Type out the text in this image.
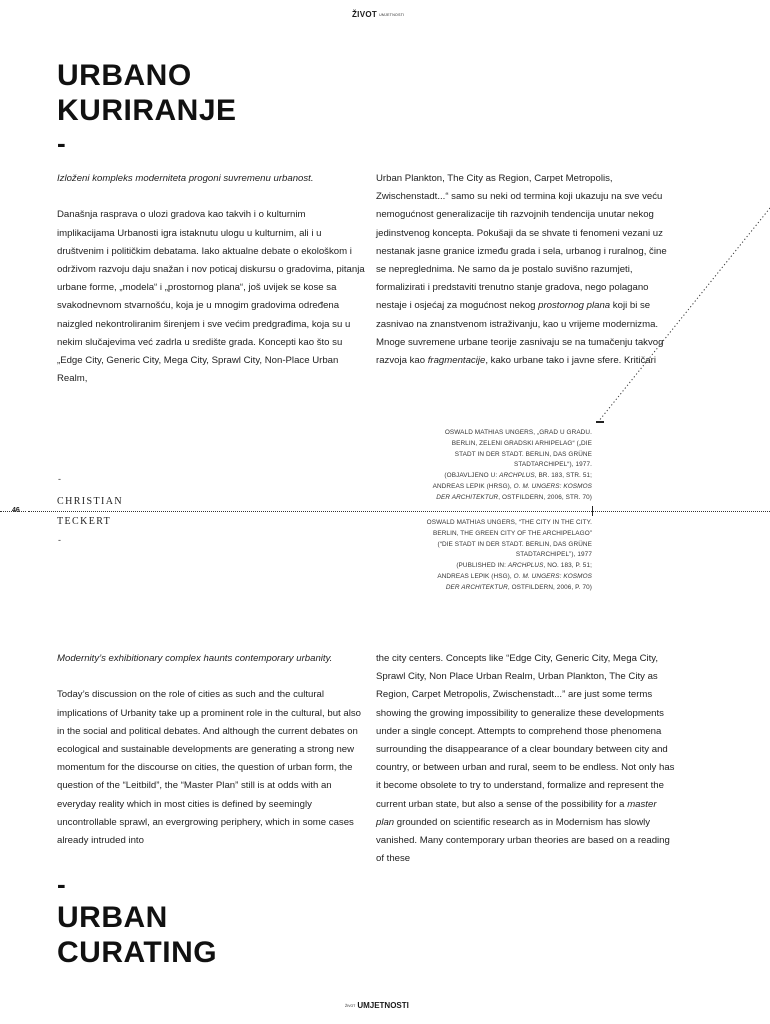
ŽIVOT UMJETNOSTI
URBANO
KURIRANJE
-

Izloženi kompleks moderniteta progoni suvremenu urbanost.

Današnja rasprava o ulozi gradova kao takvih i o kulturnim implikacijama Urbanosti igra istaknutu ulogu u kulturnim, ali i u društvenim i političkim debatama. Iako aktualne debate o ekološkom i održivom razvoju daju snažan i nov poticaj diskursu o gradovima, pitanja urbane forme, „modela“ i „prostornog plana“, još uvijek se kose sa svakodnevnom stvarnošću, koja je u mnogim gradovima određena naizgled nekontroliranim širenjem i sve većim predgrađima, koja su u nekim slučajevima već zadrla u središte grada. Koncepti kao što su „Edge City, Generic City, Mega City, Sprawl City, Non-Place Urban Realm,

Urban Plankton, The City as Region, Carpet Metropolis, Zwischenstadt...“ samo su neki od termina koji ukazuju na sve veću nemogućnost generalizacije tih razvojnih tendencija unutar nekog jedinstvenog koncepta. Pokušaji da se shvate ti fenomeni vezani uz nestanak jasne granice između grada i sela, urbanog i ruralnog, čine se nepreglednima. Ne samo da je postalo suvišno razumjeti, formalizirati i predstaviti trenutno stanje gradova, nego polagano nestaje i osjećaj za mogućnost nekog prostornog plana koji bi se zasnivao na znanstvenom istraživanju, kao u vrijeme modernizma. Mnoge suvremene urbane teorije zasnivaju se na tumačenju takvog razvoja kao fragmentacije, kako urbane tako i javne sfere. Kritičari

OSWALD MATHIAS UNGERS, „GRAD U GRADU.
BERLIN, ZELENI GRADSKI ARHIPELAG“ („DIE
STADT IN DER STADT. BERLIN, DAS GRÜNE
STADTARCHIPEL“), 1977.
(OBJAVLJENO U: ARCHPLUS, BR. 183, STR. 51;
ANDREAS LEPIK (HRSG), O. M. UNGERS: KOSMOS
DER ARCHITEKTUR, OSTFILDERN, 2006, STR. 70)
-
CHRISTIAN
TECKERT
-
46
OSWALD MATHIAS UNGERS, “THE CITY IN THE CITY.
BERLIN, THE GREEN CITY OF THE ARCHIPELAGO”
(“DIE STADT IN DER STADT. BERLIN, DAS GRÜNE
STADTARCHIPEL”), 1977
(PUBLISHED IN: ARCHPLUS, NO. 183, P. 51;
ANDREAS LEPIK (HSG), O. M. UNGERS: KOSMOS
DER ARCHITEKTUR, OSTFILDERN, 2006, P. 70)

Modernity’s exhibitionary complex haunts contemporary urbanity.

Today’s discussion on the role of cities as such and the cultural implications of Urbanity take up a prominent role in the cultural, but also in the social and political debates. And although the current debates on ecological and sustainable developments are generating a strong new momentum for the discourse on cities, the question of urban form, the question of the “Leitbild”, the “Master Plan” still is at odds with an everyday reality which in most cities is defined by seemingly uncontrollable sprawl, an evergrowing periphery, which in some cases already intruded into

the city centers. Concepts like “Edge City, Generic City, Mega City, Sprawl City, Non Place Urban Realm, Urban Plankton, The City as Region, Carpet Metropolis, Zwischenstadt...” are just some terms showing the growing impossibility to generalize these developments under a single concept. Attempts to comprehend those phenomena surrounding the disappearance of a clear boundary between city and country, or between urban and rural, seem to be endless. Not only has it become obsolete to try to understand, formalize and represent the current urban state, but also a sense of the possibility for a master plan grounded on scientific research as in Modernism has slowly vanished. Many contemporary urban theories are based on a reading of these

-
URBAN
CURATING
ŽIVOT UMJETNOSTI
